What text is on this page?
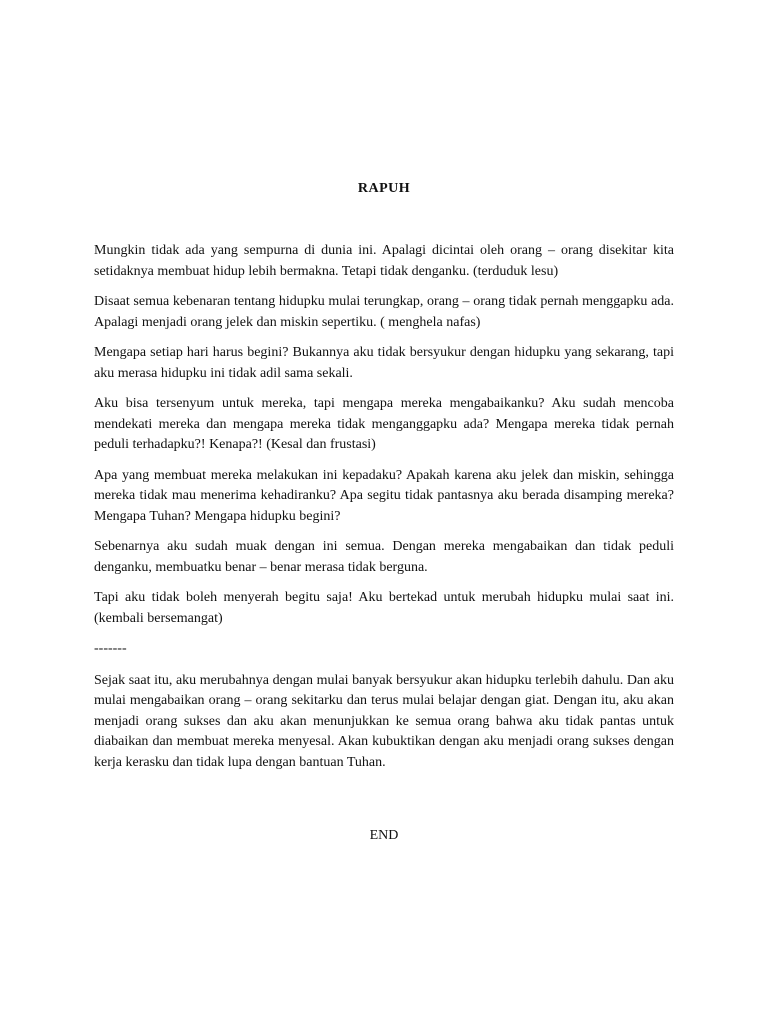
RAPUH

Mungkin tidak ada yang sempurna di dunia ini. Apalagi dicintai oleh orang – orang disekitar kita setidaknya membuat hidup lebih bermakna. Tetapi tidak denganku. (terduduk lesu)

Disaat semua kebenaran tentang hidupku mulai terungkap, orang – orang tidak pernah menggapku ada. Apalagi menjadi orang jelek dan miskin sepertiku. ( menghela nafas)

Mengapa setiap hari harus begini? Bukannya aku tidak bersyukur dengan hidupku yang sekarang, tapi aku merasa hidupku ini tidak adil sama sekali.

Aku bisa tersenyum untuk mereka, tapi mengapa mereka mengabaikanku? Aku sudah mencoba mendekati mereka dan mengapa mereka tidak menganggapku ada? Mengapa mereka tidak pernah peduli terhadapku?! Kenapa?! (Kesal dan frustasi)

Apa yang membuat mereka melakukan ini kepadaku? Apakah karena aku jelek dan miskin, sehingga mereka tidak mau menerima kehadiranku? Apa segitu tidak pantasnya aku berada disamping mereka? Mengapa Tuhan? Mengapa hidupku begini?

Sebenarnya aku sudah muak dengan ini semua. Dengan mereka mengabaikan dan tidak peduli denganku, membuatku benar – benar merasa tidak berguna.

Tapi aku tidak boleh menyerah begitu saja! Aku bertekad untuk merubah hidupku mulai saat ini. (kembali bersemangat)

-------

Sejak saat itu, aku merubahnya dengan mulai banyak bersyukur akan hidupku terlebih dahulu. Dan aku mulai mengabaikan orang – orang sekitarku dan terus mulai belajar dengan giat. Dengan itu, aku akan menjadi orang sukses dan aku akan menunjukkan ke semua orang bahwa aku tidak pantas untuk diabaikan dan membuat mereka menyesal. Akan kubuktikan dengan aku menjadi orang sukses dengan kerja kerasku dan tidak lupa dengan bantuan Tuhan.

END
